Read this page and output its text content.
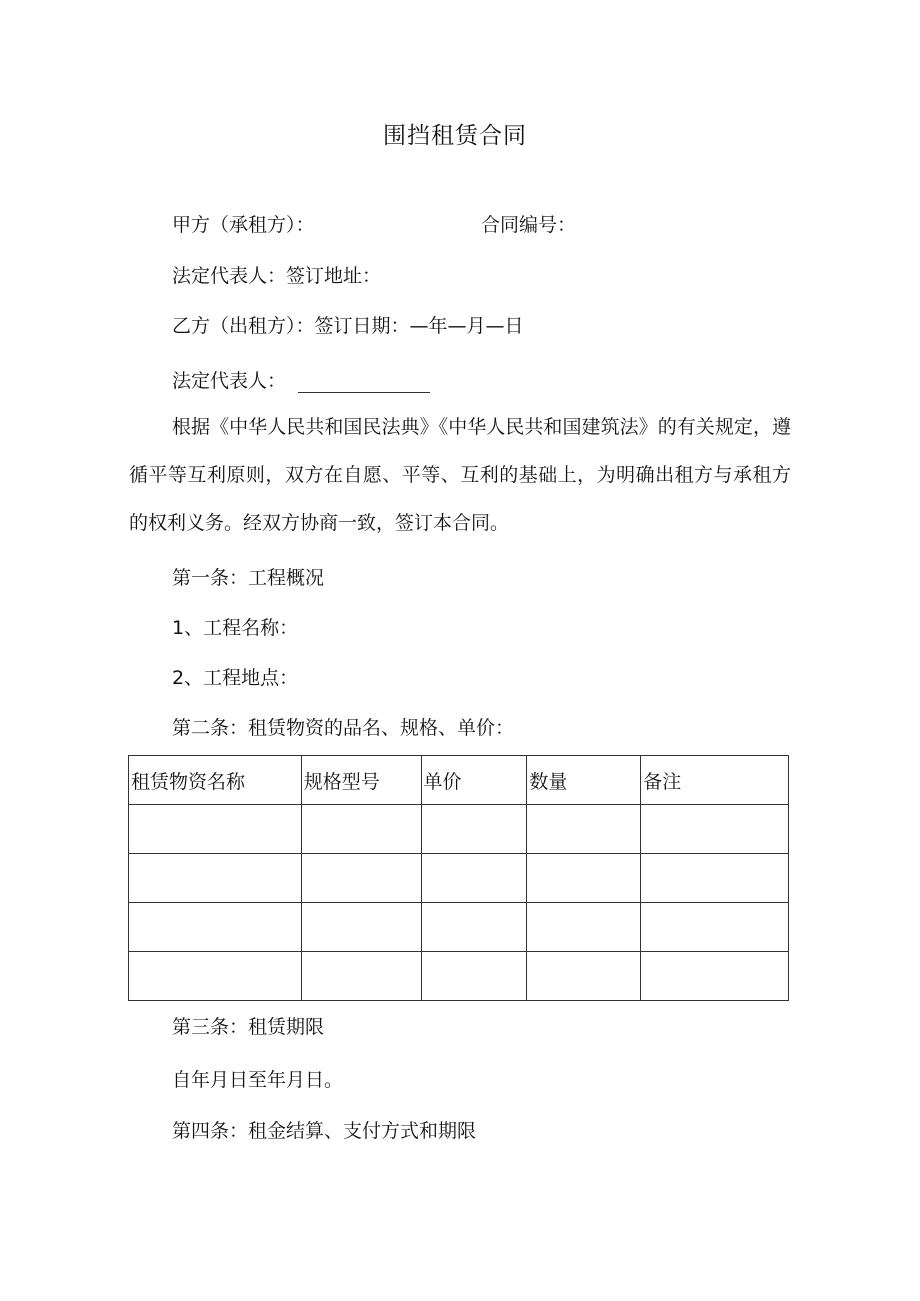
围挡租赁合同
甲方（承租方）：	合同编号：
法定代表人：签订地址：
乙方（出租方）：签订日期：—年—月—日
法定代表人：
根据《中华人民共和国民法典》《中华人民共和国建筑法》的有关规定，遵循平等互利原则，双方在自愿、平等、互利的基础上，为明确出租方与承租方的权利义务。经双方协商一致，签订本合同。
第一条：工程概况
1、工程名称：
2、工程地点：
第二条：租赁物资的品名、规格、单价：
租赁物资名称	规格型号	单价	数量	备注

第三条：租赁期限
自年月日至年月日。
第四条：租金结算、支付方式和期限
